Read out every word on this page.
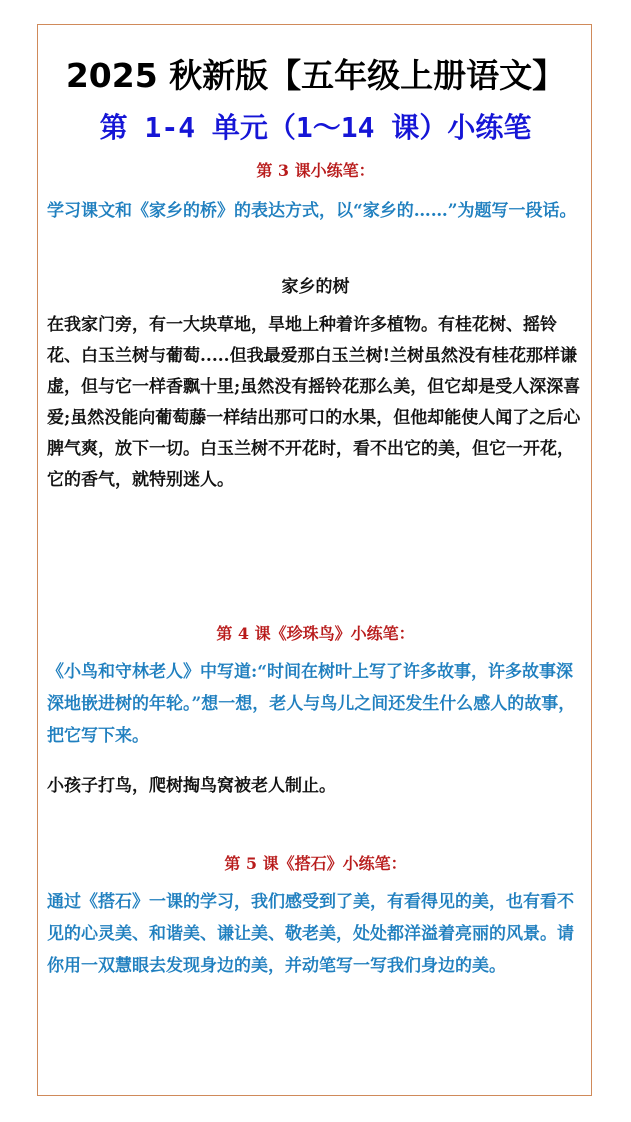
2025 秋新版【五年级上册语文】
第 1-4 单元（1～14 课）小练笔
第 3 课小练笔：
学习课文和《家乡的桥》的表达方式，以“家乡的……”为题写一段话。
家乡的树
在我家门旁，有一大块草地，旱地上种着许多植物。有桂花树、摇铃花、白玉兰树与葡萄.....但我最爱那白玉兰树!兰树虽然没有桂花那样谦虚，但与它一样香飘十里;虽然没有摇铃花那么美，但它却是受人深深喜爱;虽然没能向葡萄藤一样结出那可口的水果，但他却能使人闻了之后心脾气爽，放下一切。白玉兰树不开花时，看不出它的美，但它一开花，它的香气，就特别迷人。
第 4 课《珍珠鸟》小练笔：
《小鸟和守林老人》中写道:“时间在树叶上写了许多故事，许多故事深深地嵌进树的年轮。”想一想，老人与鸟儿之间还发生什么感人的故事，把它写下来。
小孩子打鸟，爬树掏鸟窝被老人制止。
第 5 课《搭石》小练笔：
通过《搭石》一课的学习，我们感受到了美，有看得见的美，也有看不见的心灵美、和谐美、谦让美、敬老美，处处都洋溢着亮丽的风景。请你用一双慧眼去发现身边的美，并动笔写一写我们身边的美。
